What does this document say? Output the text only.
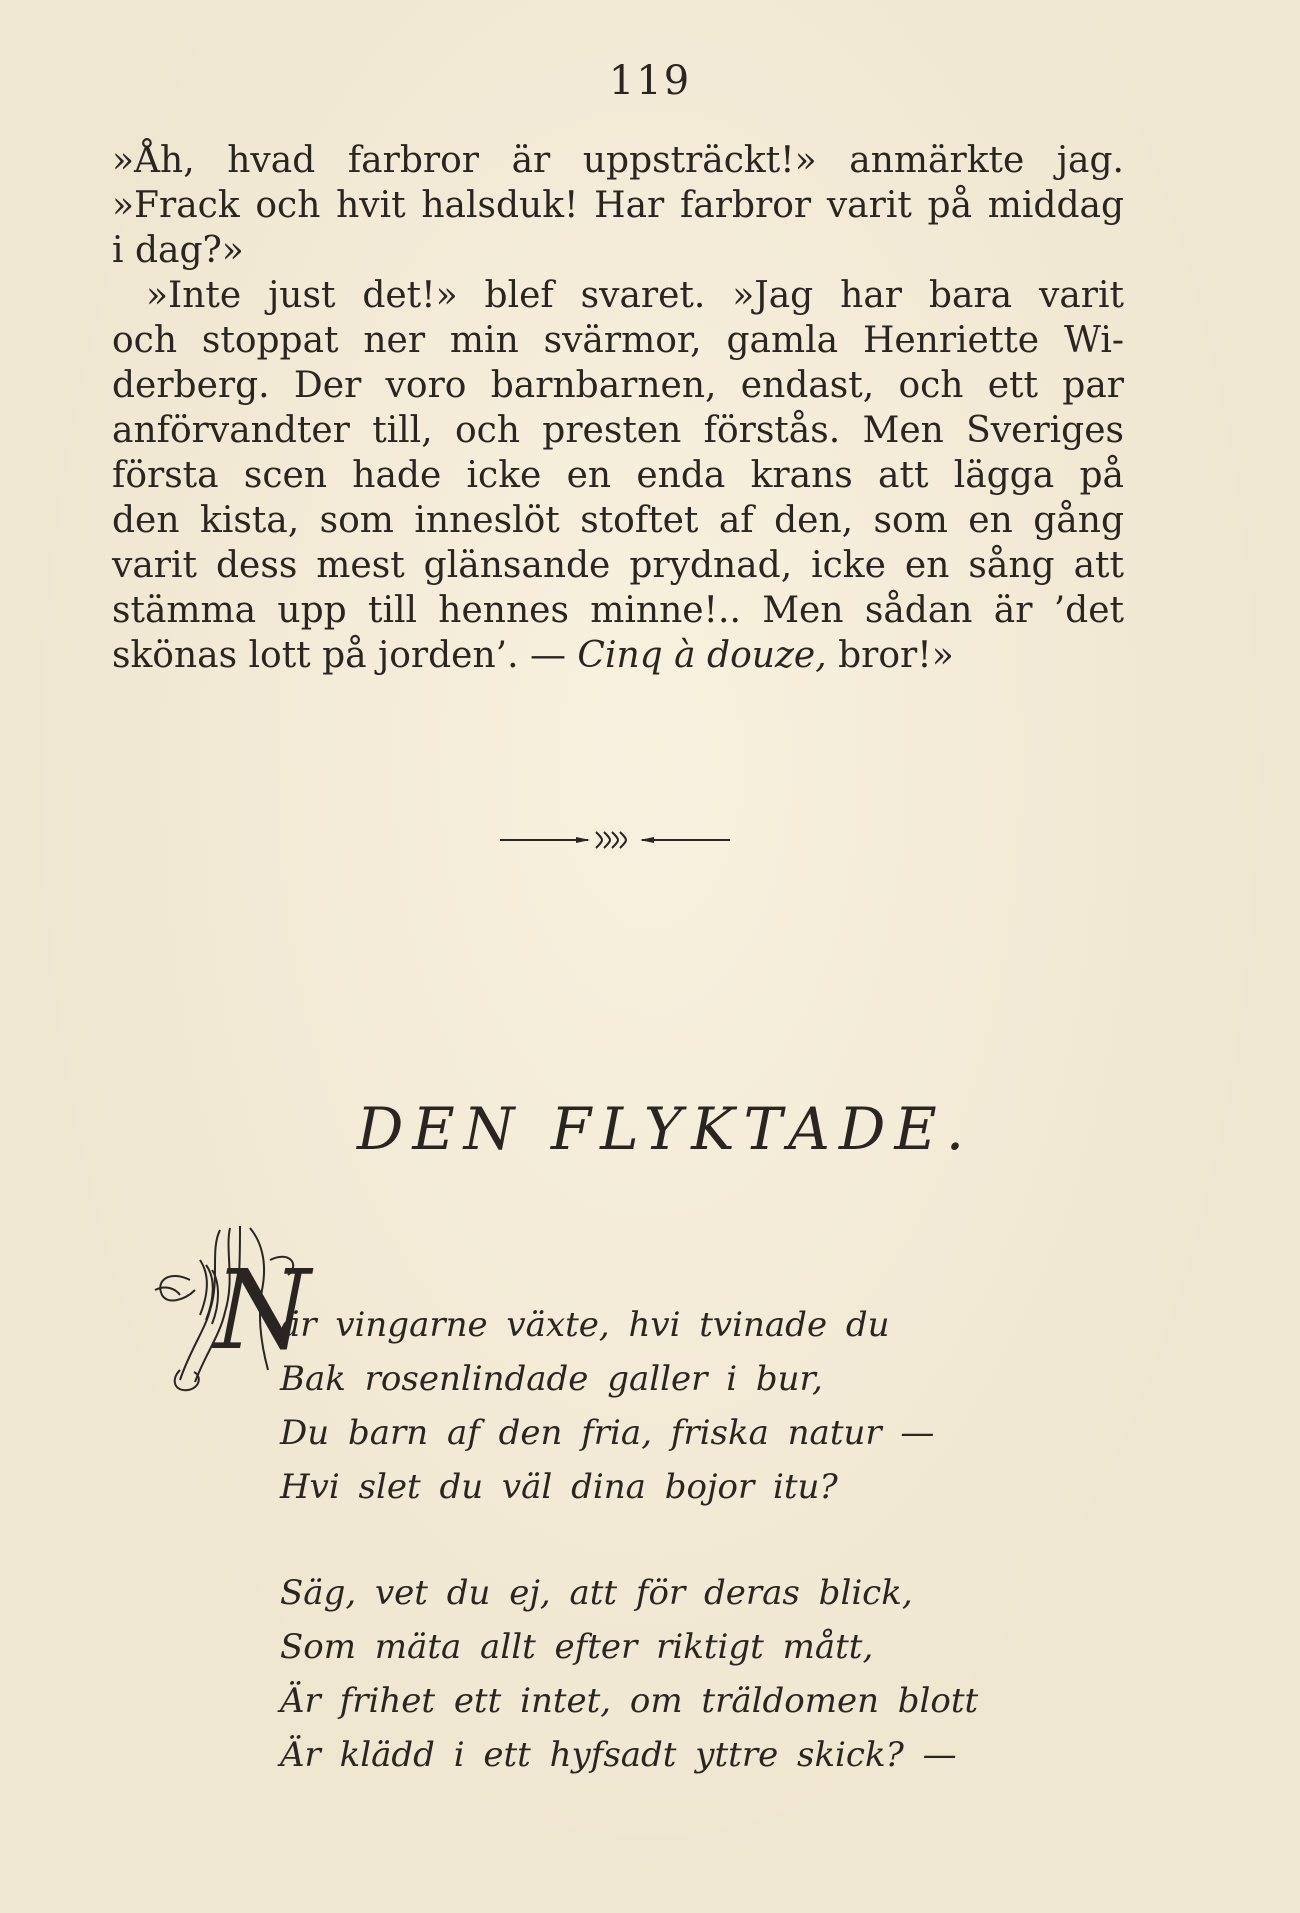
119
»Åh, hvad farbror är uppsträckt!» anmärkte jag.
»Frack och hvit halsduk! Har farbror varit på middag
i dag?»
»Inte just det!» blef svaret. »Jag har bara varit
och stoppat ner min svärmor, gamla Henriette Wi-
derberg. Der voro barnbarnen, endast, och ett par
anförvandter till, och presten förstås. Men Sveriges
första scen hade icke en enda krans att lägga på
den kista, som inneslöt stoftet af den, som en gång
varit dess mest glänsande prydnad, icke en sång att
stämma upp till hennes minne!.. Men sådan är ’det
skönas lott på jorden’. — Cinq à douze, bror!»
DEN FLYKTADE.
N
är vingarne växte, hvi tvinade du
Bak rosenlindade galler i bur,
Du barn af den fria, friska natur —
Hvi slet du väl dina bojor itu?
Säg, vet du ej, att för deras blick,
Som mäta allt efter riktigt mått,
Är frihet ett intet, om träldomen blott
Är klädd i ett hyfsadt yttre skick? —
